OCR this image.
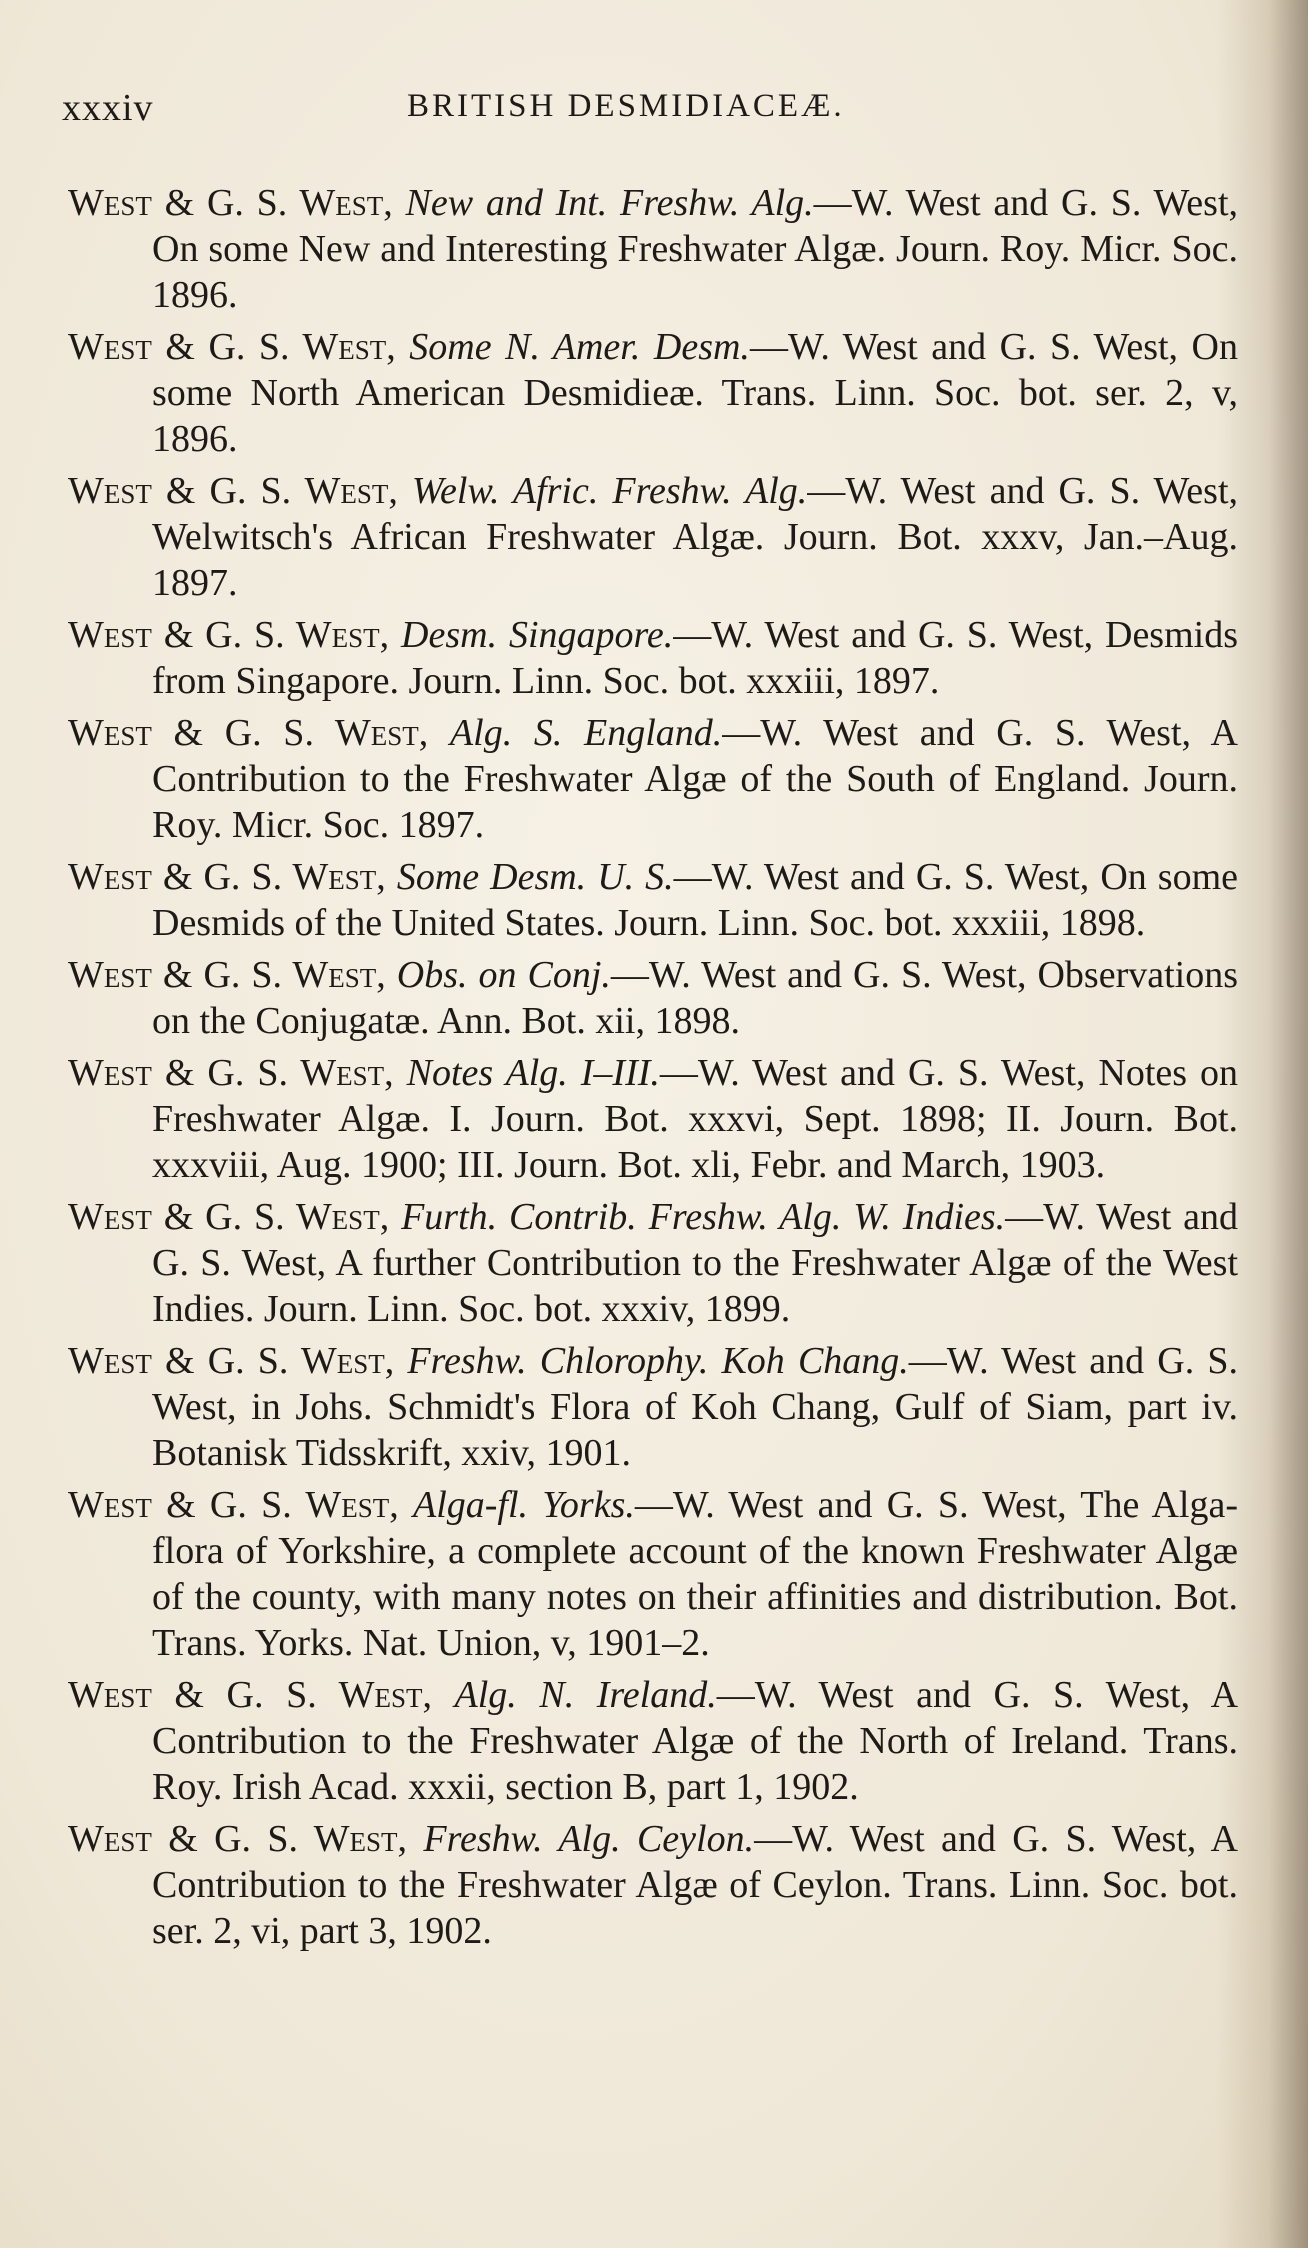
xxxiv	BRITISH DESMIDIACEÆ.

West & G. S. West, New and Int. Freshw. Alg.—W. West and G. S. West, On some New and Interesting Freshwater Algæ. Journ. Roy. Micr. Soc. 1896.

West & G. S. West, Some N. Amer. Desm.—W. West and G. S. West, On some North American Desmidieæ. Trans. Linn. Soc. bot. ser. 2, v, 1896.

West & G. S. West, Welw. Afric. Freshw. Alg.—W. West and G. S. West, Welwitsch's African Freshwater Algæ. Journ. Bot. xxxv, Jan.–Aug. 1897.

West & G. S. West, Desm. Singapore.—W. West and G. S. West, Desmids from Singapore. Journ. Linn. Soc. bot. xxxiii, 1897.

West & G. S. West, Alg. S. England.—W. West and G. S. West, A Contribution to the Freshwater Algæ of the South of England. Journ. Roy. Micr. Soc. 1897.

West & G. S. West, Some Desm. U. S.—W. West and G. S. West, On some Desmids of the United States. Journ. Linn. Soc. bot. xxxiii, 1898.

West & G. S. West, Obs. on Conj.—W. West and G. S. West, Observations on the Conjugatæ. Ann. Bot. xii, 1898.

West & G. S. West, Notes Alg. I–III.—W. West and G. S. West, Notes on Freshwater Algæ. I. Journ. Bot. xxxvi, Sept. 1898; II. Journ. Bot. xxxviii, Aug. 1900; III. Journ. Bot. xli, Febr. and March, 1903.

West & G. S. West, Furth. Contrib. Freshw. Alg. W. Indies.—W. West and G. S. West, A further Contribution to the Freshwater Algæ of the West Indies. Journ. Linn. Soc. bot. xxxiv, 1899.

West & G. S. West, Freshw. Chlorophy. Koh Chang.—W. West and G. S. West, in Johs. Schmidt's Flora of Koh Chang, Gulf of Siam, part iv. Botanisk Tidsskrift, xxiv, 1901.

West & G. S. West, Alga-fl. Yorks.—W. West and G. S. West, The Alga-flora of Yorkshire, a complete account of the known Freshwater Algæ of the county, with many notes on their affinities and distribution. Bot. Trans. Yorks. Nat. Union, v, 1901–2.

West & G. S. West, Alg. N. Ireland.—W. West and G. S. West, A Contribution to the Freshwater Algæ of the North of Ireland. Trans. Roy. Irish Acad. xxxii, section B, part 1, 1902.

West & G. S. West, Freshw. Alg. Ceylon.—W. West and G. S. West, A Contribution to the Freshwater Algæ of Ceylon. Trans. Linn. Soc. bot. ser. 2, vi, part 3, 1902.
